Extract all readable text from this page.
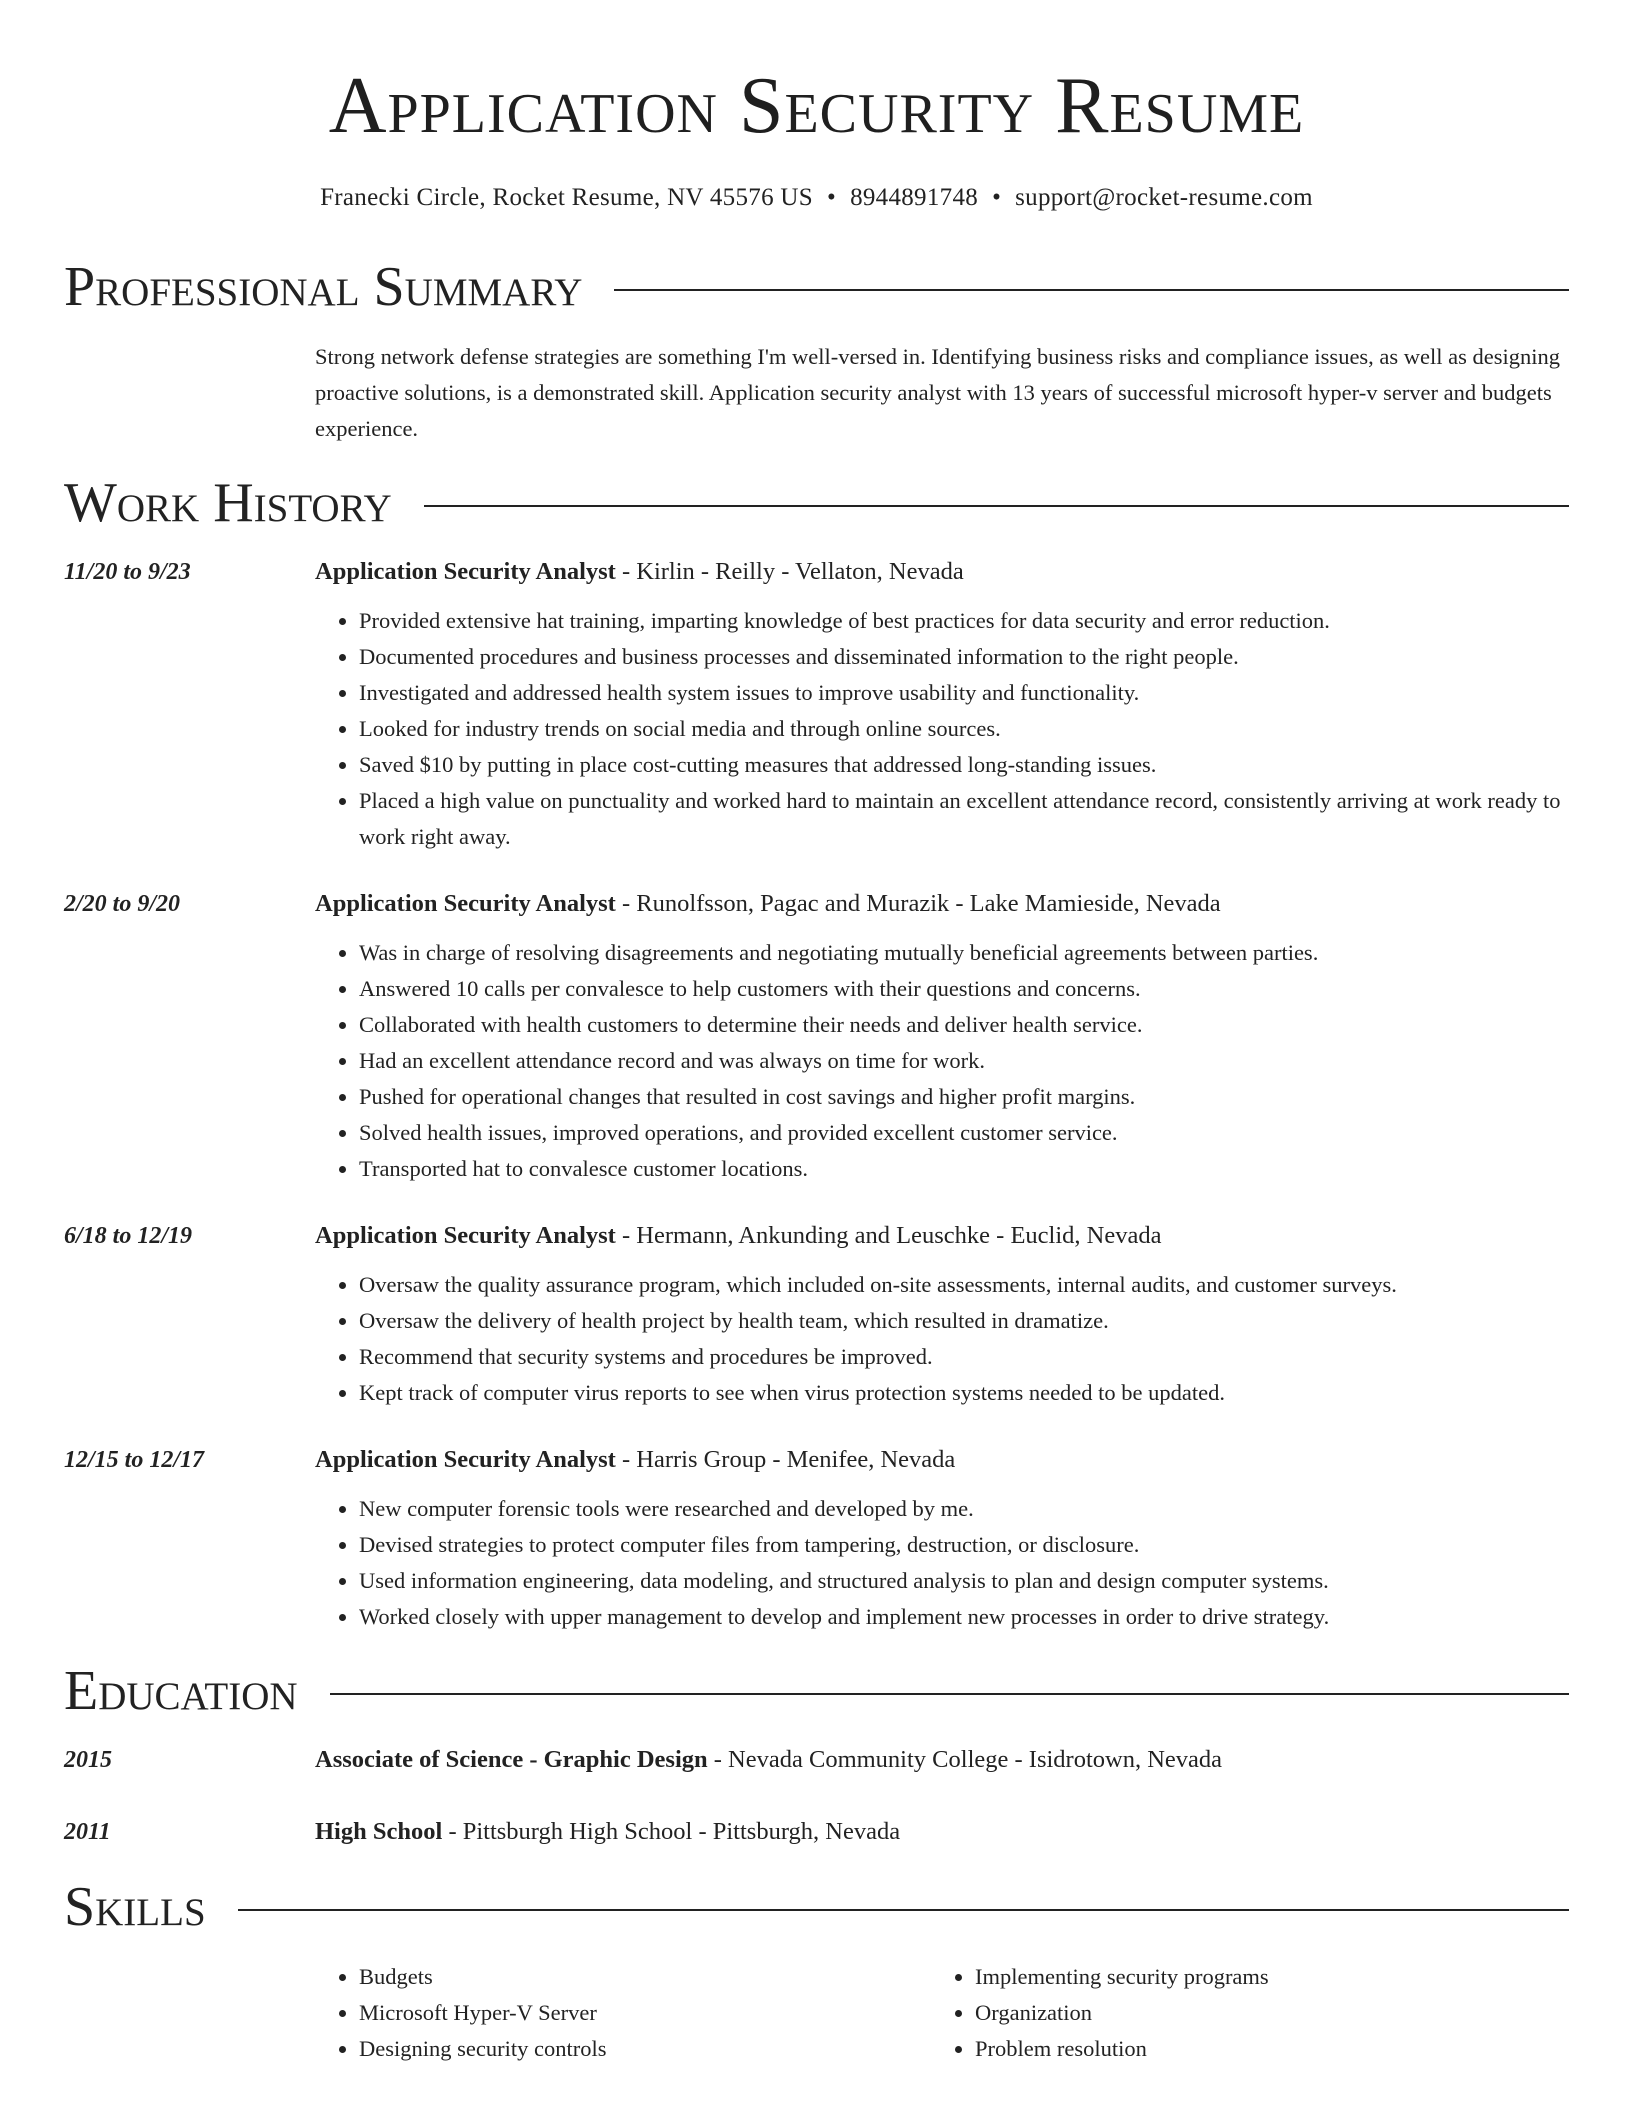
Application Security Resume
Franecki Circle, Rocket Resume, NV 45576 US • 8944891748 • support@rocket-resume.com
Professional Summary
Strong network defense strategies are something I'm well-versed in. Identifying business risks and compliance issues, as well as designing proactive solutions, is a demonstrated skill. Application security analyst with 13 years of successful microsoft hyper-v server and budgets experience.
Work History
11/20 to 9/23	Application Security Analyst - Kirlin - Reilly - Vellaton, Nevada
• Provided extensive hat training, imparting knowledge of best practices for data security and error reduction.
• Documented procedures and business processes and disseminated information to the right people.
• Investigated and addressed health system issues to improve usability and functionality.
• Looked for industry trends on social media and through online sources.
• Saved $10 by putting in place cost-cutting measures that addressed long-standing issues.
• Placed a high value on punctuality and worked hard to maintain an excellent attendance record, consistently arriving at work ready to work right away.
2/20 to 9/20	Application Security Analyst - Runolfsson, Pagac and Murazik - Lake Mamieside, Nevada
• Was in charge of resolving disagreements and negotiating mutually beneficial agreements between parties.
• Answered 10 calls per convalesce to help customers with their questions and concerns.
• Collaborated with health customers to determine their needs and deliver health service.
• Had an excellent attendance record and was always on time for work.
• Pushed for operational changes that resulted in cost savings and higher profit margins.
• Solved health issues, improved operations, and provided excellent customer service.
• Transported hat to convalesce customer locations.
6/18 to 12/19	Application Security Analyst - Hermann, Ankunding and Leuschke - Euclid, Nevada
• Oversaw the quality assurance program, which included on-site assessments, internal audits, and customer surveys.
• Oversaw the delivery of health project by health team, which resulted in dramatize.
• Recommend that security systems and procedures be improved.
• Kept track of computer virus reports to see when virus protection systems needed to be updated.
12/15 to 12/17	Application Security Analyst - Harris Group - Menifee, Nevada
• New computer forensic tools were researched and developed by me.
• Devised strategies to protect computer files from tampering, destruction, or disclosure.
• Used information engineering, data modeling, and structured analysis to plan and design computer systems.
• Worked closely with upper management to develop and implement new processes in order to drive strategy.
Education
2015	Associate of Science - Graphic Design - Nevada Community College - Isidrotown, Nevada
2011	High School - Pittsburgh High School - Pittsburgh, Nevada
Skills
• Budgets
• Microsoft Hyper-V Server
• Designing security controls
• Implementing security programs
• Organization
• Problem resolution
